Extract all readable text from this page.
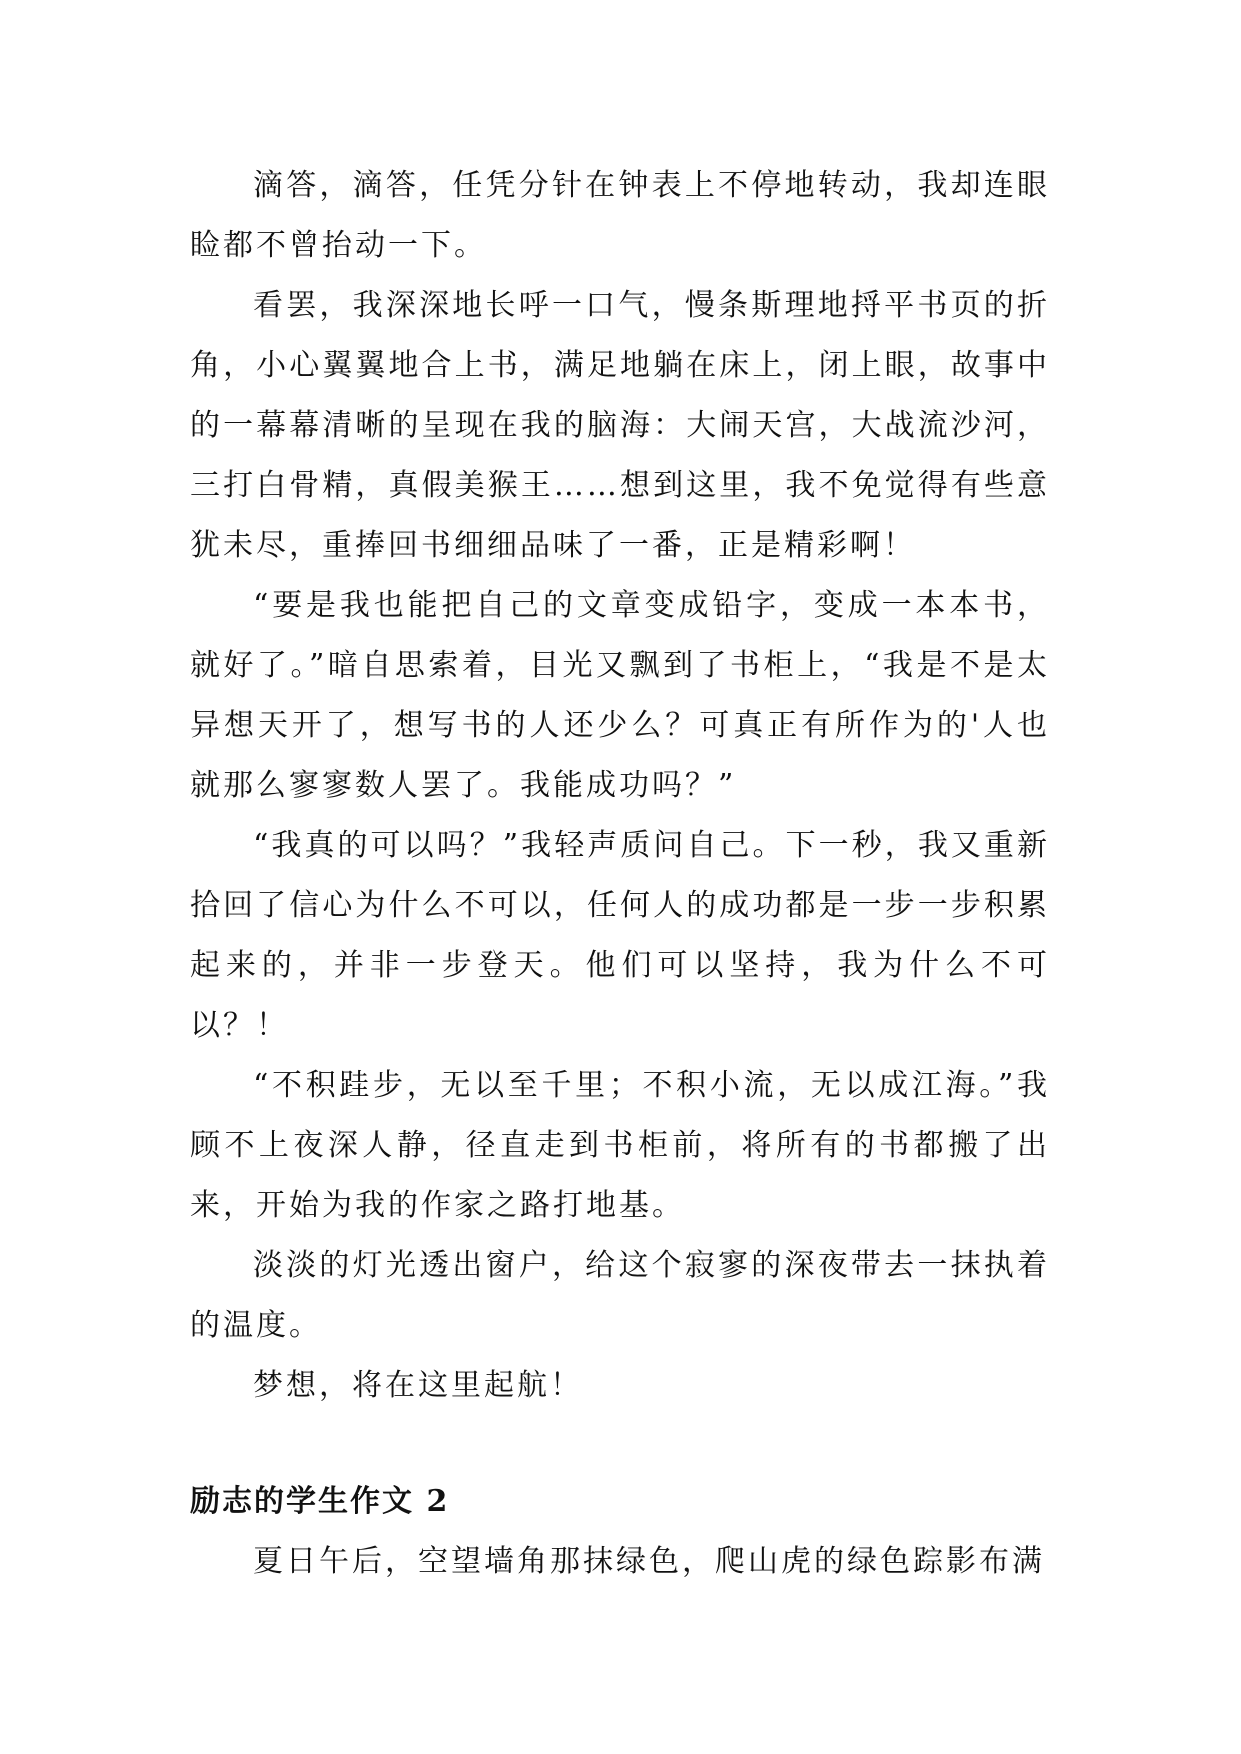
滴答，滴答，任凭分针在钟表上不停地转动，我却连眼睑都不曾抬动一下。

看罢，我深深地长呼一口气，慢条斯理地捋平书页的折角，小心翼翼地合上书，满足地躺在床上，闭上眼，故事中的一幕幕清晰的呈现在我的脑海：大闹天宫，大战流沙河，三打白骨精，真假美猴王……想到这里，我不免觉得有些意犹未尽，重捧回书细细品味了一番，正是精彩啊！

“要是我也能把自己的文章变成铅字，变成一本本书，就好了。”暗自思索着，目光又飘到了书柜上，“我是不是太异想天开了，想写书的人还少么？可真正有所作为的'人也就那么寥寥数人罢了。我能成功吗？”

“我真的可以吗？”我轻声质问自己。下一秒，我又重新拾回了信心为什么不可以，任何人的成功都是一步一步积累起来的，并非一步登天。他们可以坚持，我为什么不可以？！

“不积跬步，无以至千里；不积小流，无以成江海。”我顾不上夜深人静，径直走到书柜前，将所有的书都搬了出来，开始为我的作家之路打地基。

淡淡的灯光透出窗户，给这个寂寥的深夜带去一抹执着的温度。

梦想，将在这里起航！

励志的学生作文 2

夏日午后，空望墙角那抹绿色，爬山虎的绿色踪影布满
